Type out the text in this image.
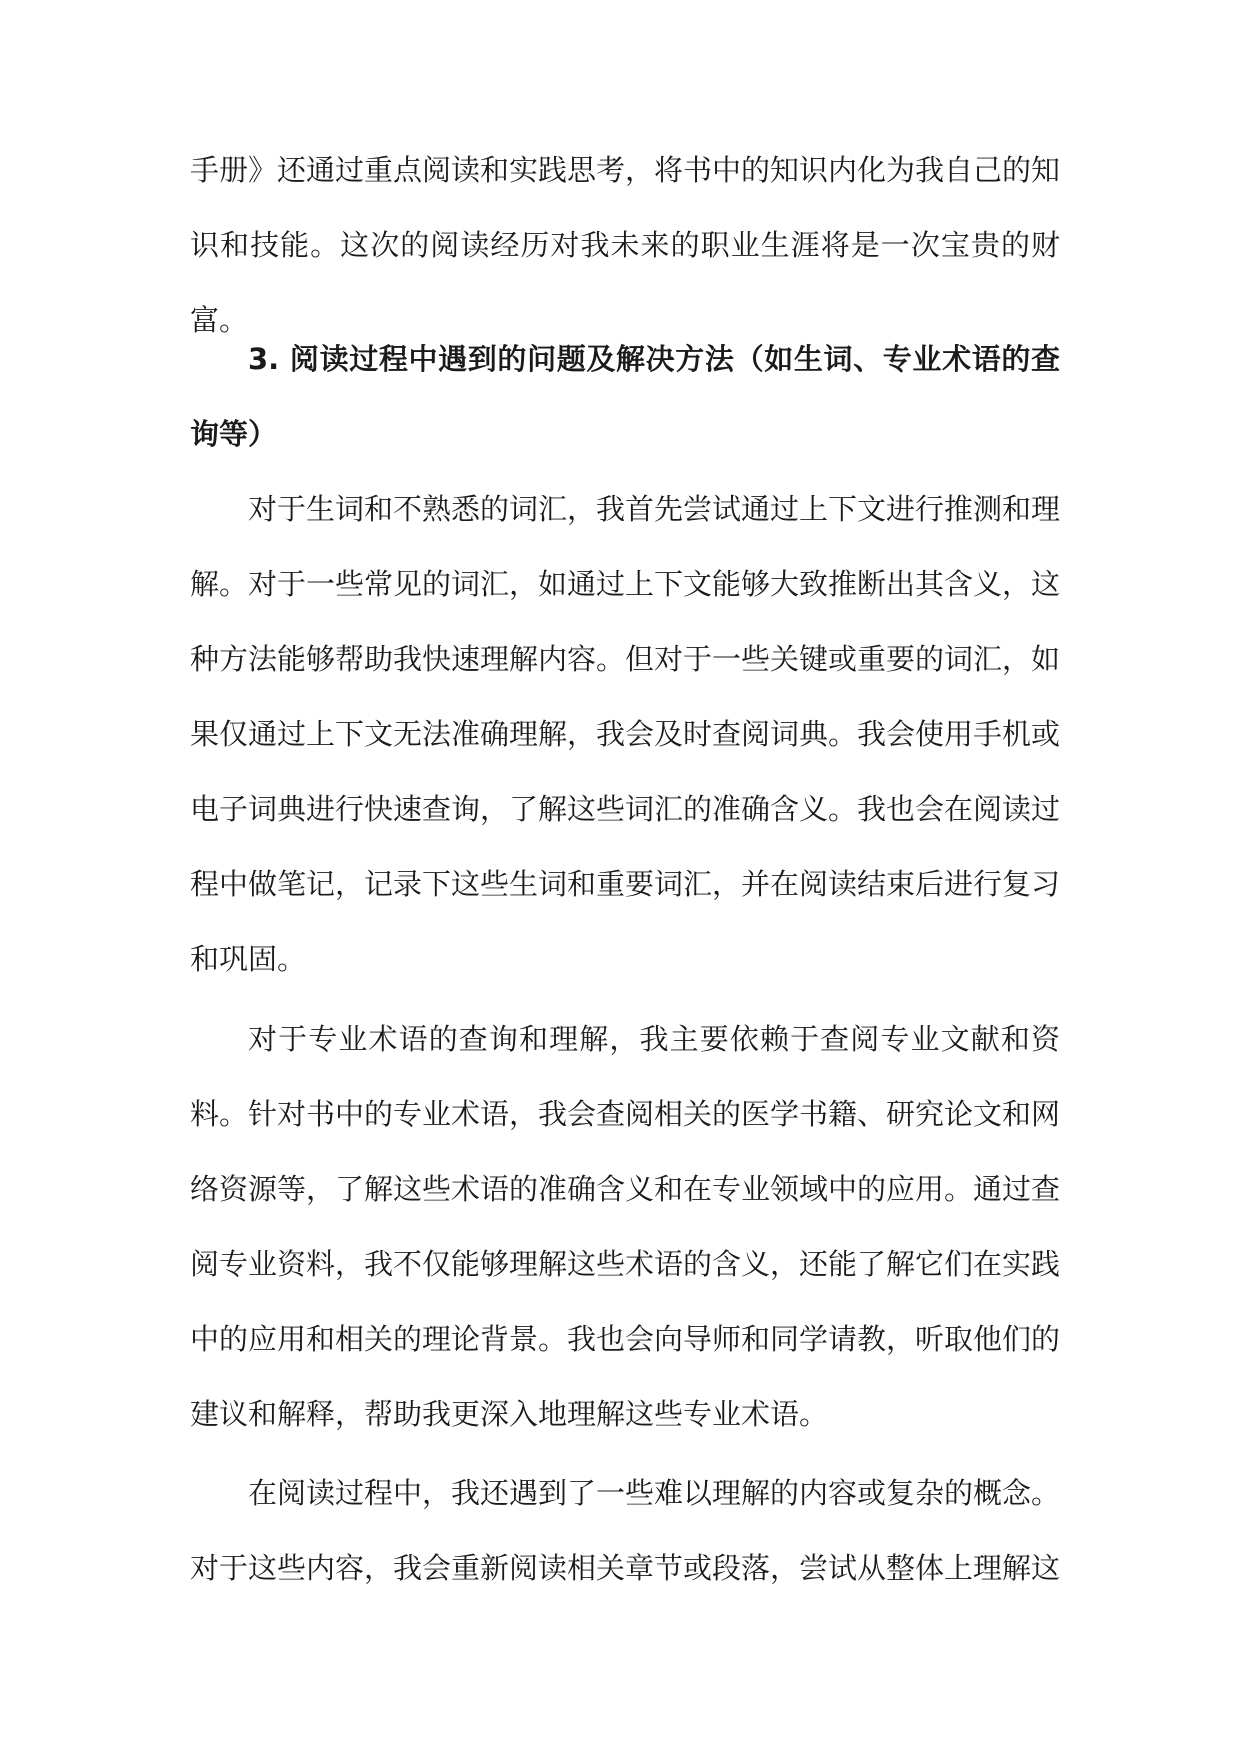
手册》还通过重点阅读和实践思考，将书中的知识内化为我自己的知识和技能。这次的阅读经历对我未来的职业生涯将是一次宝贵的财富。

3. 阅读过程中遇到的问题及解决方法（如生词、专业术语的查询等）

对于生词和不熟悉的词汇，我首先尝试通过上下文进行推测和理解。对于一些常见的词汇，如通过上下文能够大致推断出其含义，这种方法能够帮助我快速理解内容。但对于一些关键或重要的词汇，如果仅通过上下文无法准确理解，我会及时查阅词典。我会使用手机或电子词典进行快速查询，了解这些词汇的准确含义。我也会在阅读过程中做笔记，记录下这些生词和重要词汇，并在阅读结束后进行复习和巩固。

对于专业术语的查询和理解，我主要依赖于查阅专业文献和资料。针对书中的专业术语，我会查阅相关的医学书籍、研究论文和网络资源等，了解这些术语的准确含义和在专业领域中的应用。通过查阅专业资料，我不仅能够理解这些术语的含义，还能了解它们在实践中的应用和相关的理论背景。我也会向导师和同学请教，听取他们的建议和解释，帮助我更深入地理解这些专业术语。

在阅读过程中，我还遇到了一些难以理解的内容或复杂的概念。对于这些内容，我会重新阅读相关章节或段落，尝试从整体上理解这
